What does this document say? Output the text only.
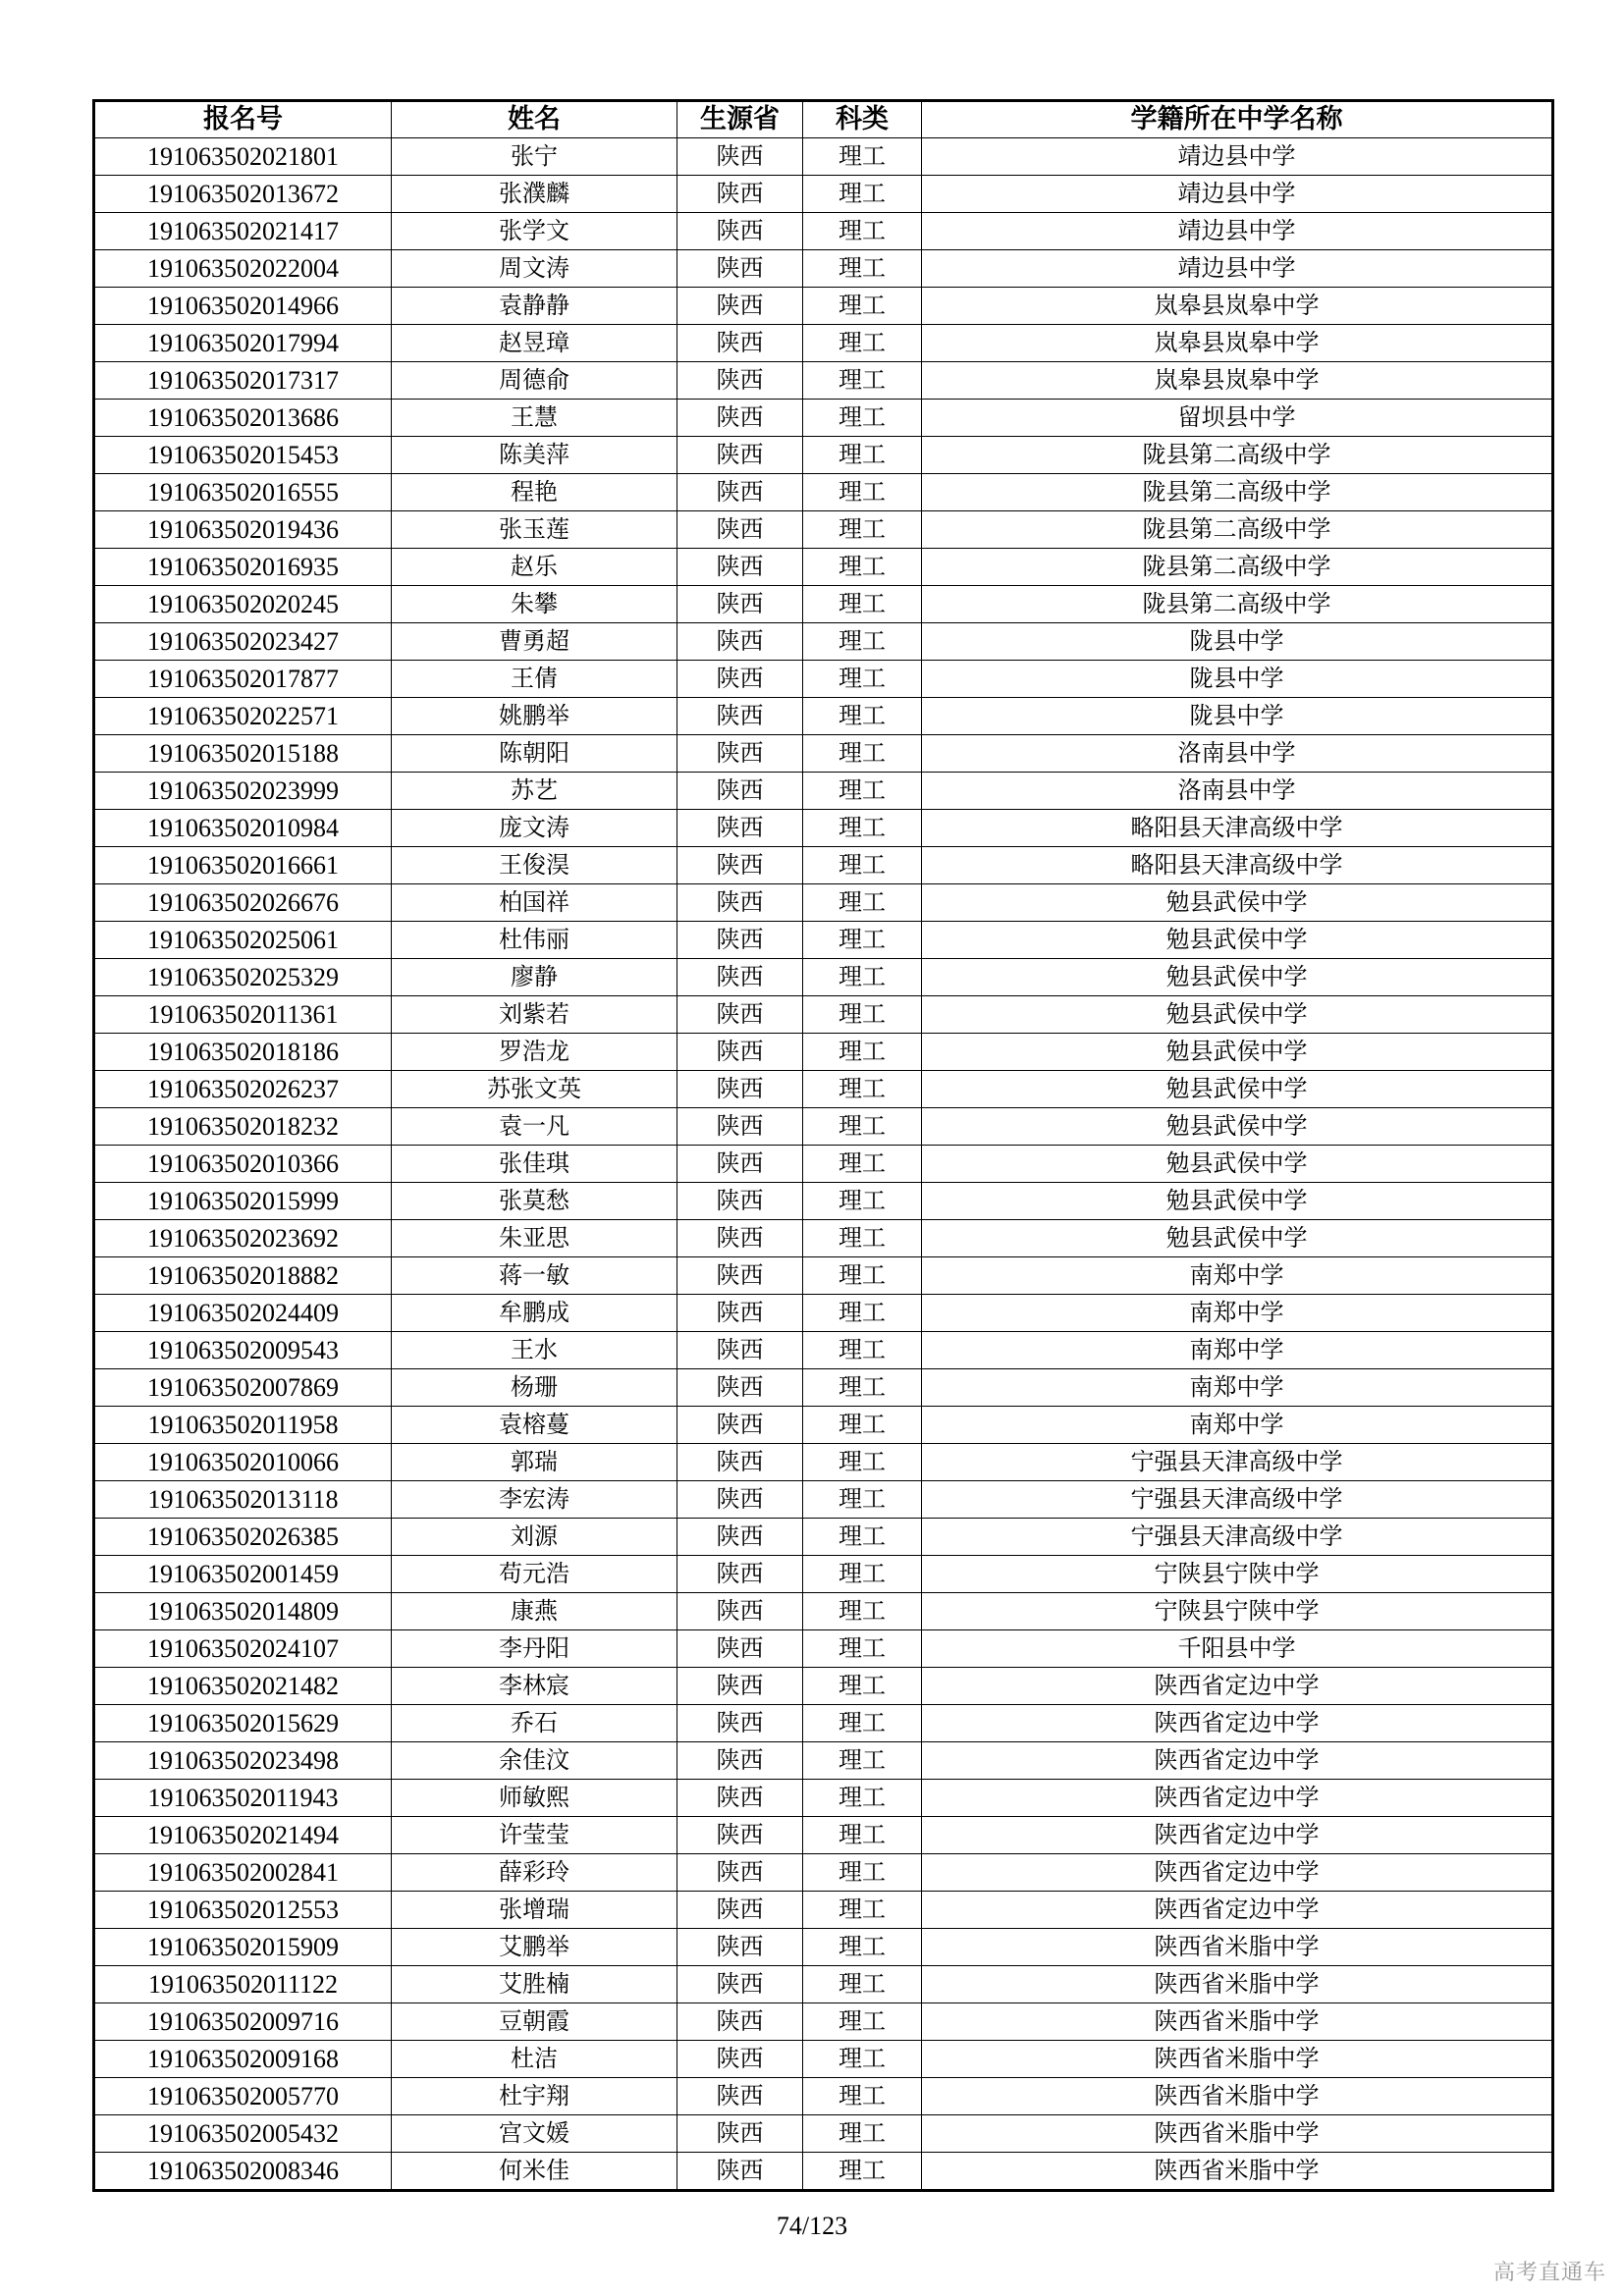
报名号	姓名	生源省	科类	学籍所在中学名称
191063502021801	张宁	陕西	理工	靖边县中学
191063502013672	张濮麟	陕西	理工	靖边县中学
191063502021417	张学文	陕西	理工	靖边县中学
191063502022004	周文涛	陕西	理工	靖边县中学
191063502014966	袁静静	陕西	理工	岚皋县岚皋中学
191063502017994	赵昱璋	陕西	理工	岚皋县岚皋中学
191063502017317	周德俞	陕西	理工	岚皋县岚皋中学
191063502013686	王慧	陕西	理工	留坝县中学
191063502015453	陈美萍	陕西	理工	陇县第二高级中学
191063502016555	程艳	陕西	理工	陇县第二高级中学
191063502019436	张玉莲	陕西	理工	陇县第二高级中学
191063502016935	赵乐	陕西	理工	陇县第二高级中学
191063502020245	朱攀	陕西	理工	陇县第二高级中学
191063502023427	曹勇超	陕西	理工	陇县中学
191063502017877	王倩	陕西	理工	陇县中学
191063502022571	姚鹏举	陕西	理工	陇县中学
191063502015188	陈朝阳	陕西	理工	洛南县中学
191063502023999	苏艺	陕西	理工	洛南县中学
191063502010984	庞文涛	陕西	理工	略阳县天津高级中学
191063502016661	王俊淏	陕西	理工	略阳县天津高级中学
191063502026676	柏国祥	陕西	理工	勉县武侯中学
191063502025061	杜伟丽	陕西	理工	勉县武侯中学
191063502025329	廖静	陕西	理工	勉县武侯中学
191063502011361	刘紫若	陕西	理工	勉县武侯中学
191063502018186	罗浩龙	陕西	理工	勉县武侯中学
191063502026237	苏张文英	陕西	理工	勉县武侯中学
191063502018232	袁一凡	陕西	理工	勉县武侯中学
191063502010366	张佳琪	陕西	理工	勉县武侯中学
191063502015999	张莫愁	陕西	理工	勉县武侯中学
191063502023692	朱亚思	陕西	理工	勉县武侯中学
191063502018882	蒋一敏	陕西	理工	南郑中学
191063502024409	牟鹏成	陕西	理工	南郑中学
191063502009543	王水	陕西	理工	南郑中学
191063502007869	杨珊	陕西	理工	南郑中学
191063502011958	袁榕蔓	陕西	理工	南郑中学
191063502010066	郭瑞	陕西	理工	宁强县天津高级中学
191063502013118	李宏涛	陕西	理工	宁强县天津高级中学
191063502026385	刘源	陕西	理工	宁强县天津高级中学
191063502001459	苟元浩	陕西	理工	宁陕县宁陕中学
191063502014809	康燕	陕西	理工	宁陕县宁陕中学
191063502024107	李丹阳	陕西	理工	千阳县中学
191063502021482	李林宸	陕西	理工	陕西省定边中学
191063502015629	乔石	陕西	理工	陕西省定边中学
191063502023498	余佳汶	陕西	理工	陕西省定边中学
191063502011943	师敏熙	陕西	理工	陕西省定边中学
191063502021494	许莹莹	陕西	理工	陕西省定边中学
191063502002841	薛彩玲	陕西	理工	陕西省定边中学
191063502012553	张增瑞	陕西	理工	陕西省定边中学
191063502015909	艾鹏举	陕西	理工	陕西省米脂中学
191063502011122	艾胜楠	陕西	理工	陕西省米脂中学
191063502009716	豆朝霞	陕西	理工	陕西省米脂中学
191063502009168	杜洁	陕西	理工	陕西省米脂中学
191063502005770	杜宇翔	陕西	理工	陕西省米脂中学
191063502005432	宫文媛	陕西	理工	陕西省米脂中学
191063502008346	何米佳	陕西	理工	陕西省米脂中学
74/123
高考直通车
